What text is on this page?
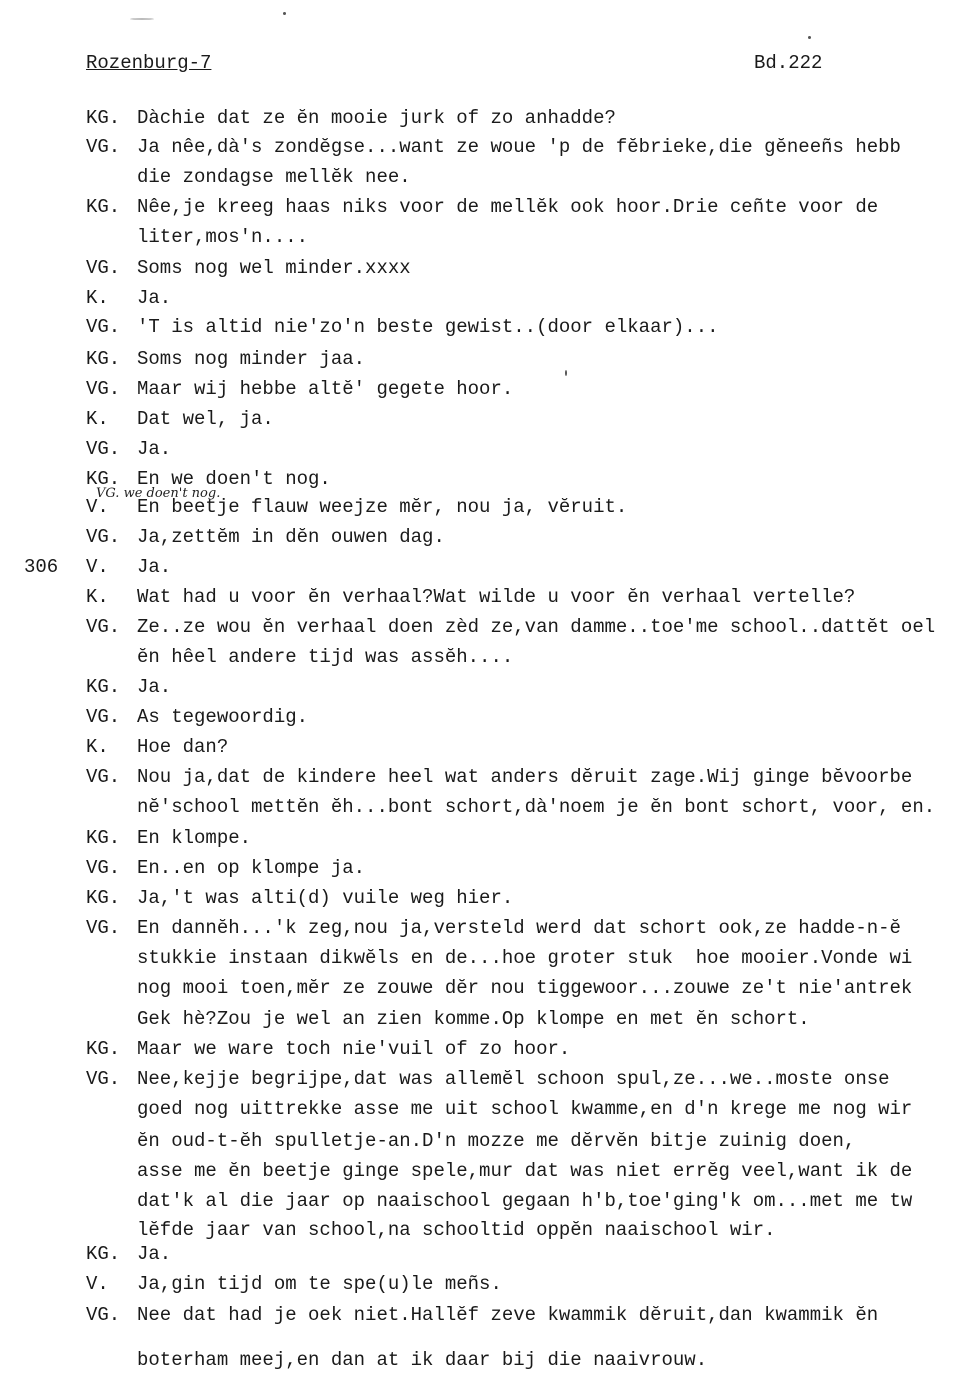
Rozenburg-7	Bd.222
306
VG. we doen't nog.
KG. Dàchie dat ze ĕn mooie jurk of zo anhadde?
VG. Ja nêe,dà's zondĕgse...want ze woue 'p de fĕbrieke,die gĕneeñs hebb
die zondagse mellĕk nee.
KG. Nêe,je kreeg haas niks voor de mellĕk ook hoor.Drie ceñte voor de
liter,mos'n....
VG. Soms nog wel minder.xxxx
K. Ja.
VG. 'T is altid nie'zo'n beste gewist..(door elkaar)...
KG. Soms nog minder jaa.
VG. Maar wij hebbe altĕ' gegete hoor.
K. Dat wel, ja.
VG. Ja.
KG. En we doen't nog.
V. En beetje flauw weejze mĕr, nou ja, vĕruit.
VG. Ja,zettĕm in dĕn ouwen dag.
V. Ja.
K. Wat had u voor ĕn verhaal?Wat wilde u voor ĕn verhaal vertelle?
VG. Ze..ze wou ĕn verhaal doen zèd ze,van damme..toe'me school..dattĕt oel
ĕn hêel andere tijd was assĕh....
KG. Ja.
VG. As tegewoordig.
K. Hoe dan?
VG. Nou ja,dat de kindere heel wat anders dĕruit zage.Wij ginge bĕvoorbe
nĕ'school mettĕn ĕh...bont schort,dà'noem je ĕn bont schort, voor, en.
KG. En klompe.
VG. En..en op klompe ja.
KG. Ja,'t was alti(d) vuile weg hier.
VG. En dannĕh...'k zeg,nou ja,versteld werd dat schort ook,ze hadde-n-ĕ
stukkie instaan dikwĕls en de...hoe groter stuk  hoe mooier.Vonde wi
nog mooi toen,mĕr ze zouwe dĕr nou tiggewoor...zouwe ze't nie'antrek
Gek hè?Zou je wel an zien komme.Op klompe en met ĕn schort.
KG. Maar we ware toch nie'vuil of zo hoor.
VG. Nee,kejje begrijpe,dat was allemĕl schoon spul,ze...we..moste onse
goed nog uittrekke asse me uit school kwamme,en d'n krege me nog wir
ĕn oud-t-ĕh spulletje-an.D'n mozze me dĕrvĕn bitje zuinig doen,
asse me ĕn beetje ginge spele,mur dat was niet errĕg veel,want ik de
dat'k al die jaar op naaischool gegaan h'b,toe'ging'k om...met me tw
lĕfde jaar van school,na schooltid oppĕn naaischool wir.
KG. Ja.
V. Ja,gin tijd om te spe(u)le meñs.
VG. Nee dat had je oek niet.Hallĕf zeve kwammik dĕruit,dan kwammik ĕn
boterham meej,en dan at ik daar bij die naaivrouw.
